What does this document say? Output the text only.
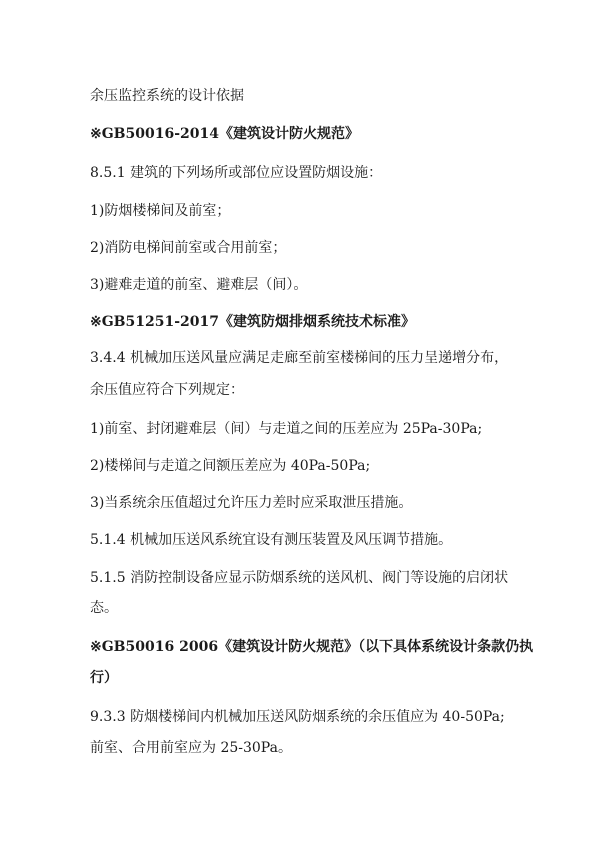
余压监控系统的设计依据
※GB50016-2014《建筑设计防火规范》
8.5.1 建筑的下列场所或部位应设置防烟设施：
1)防烟楼梯间及前室；
2)消防电梯间前室或合用前室；
3)避难走道的前室、避难层（间）。
※GB51251-2017《建筑防烟排烟系统技术标准》
3.4.4 机械加压送风量应满足走廊至前室楼梯间的压力呈递增分布，
余压值应符合下列规定：
1)前室、封闭避难层（间）与走道之间的压差应为 25Pa-30Pa;
2)楼梯间与走道之间额压差应为 40Pa-50Pa;
3)当系统余压值超过允许压力差时应采取泄压措施。
5.1.4 机械加压送风系统宜设有测压装置及风压调节措施。
5.1.5 消防控制设备应显示防烟系统的送风机、阀门等设施的启闭状
态。
※GB50016 2006《建筑设计防火规范》（以下具体系统设计条款仍执
行）
9.3.3 防烟楼梯间内机械加压送风防烟系统的余压值应为 40-50Pa;
前室、合用前室应为 25-30Pa。
